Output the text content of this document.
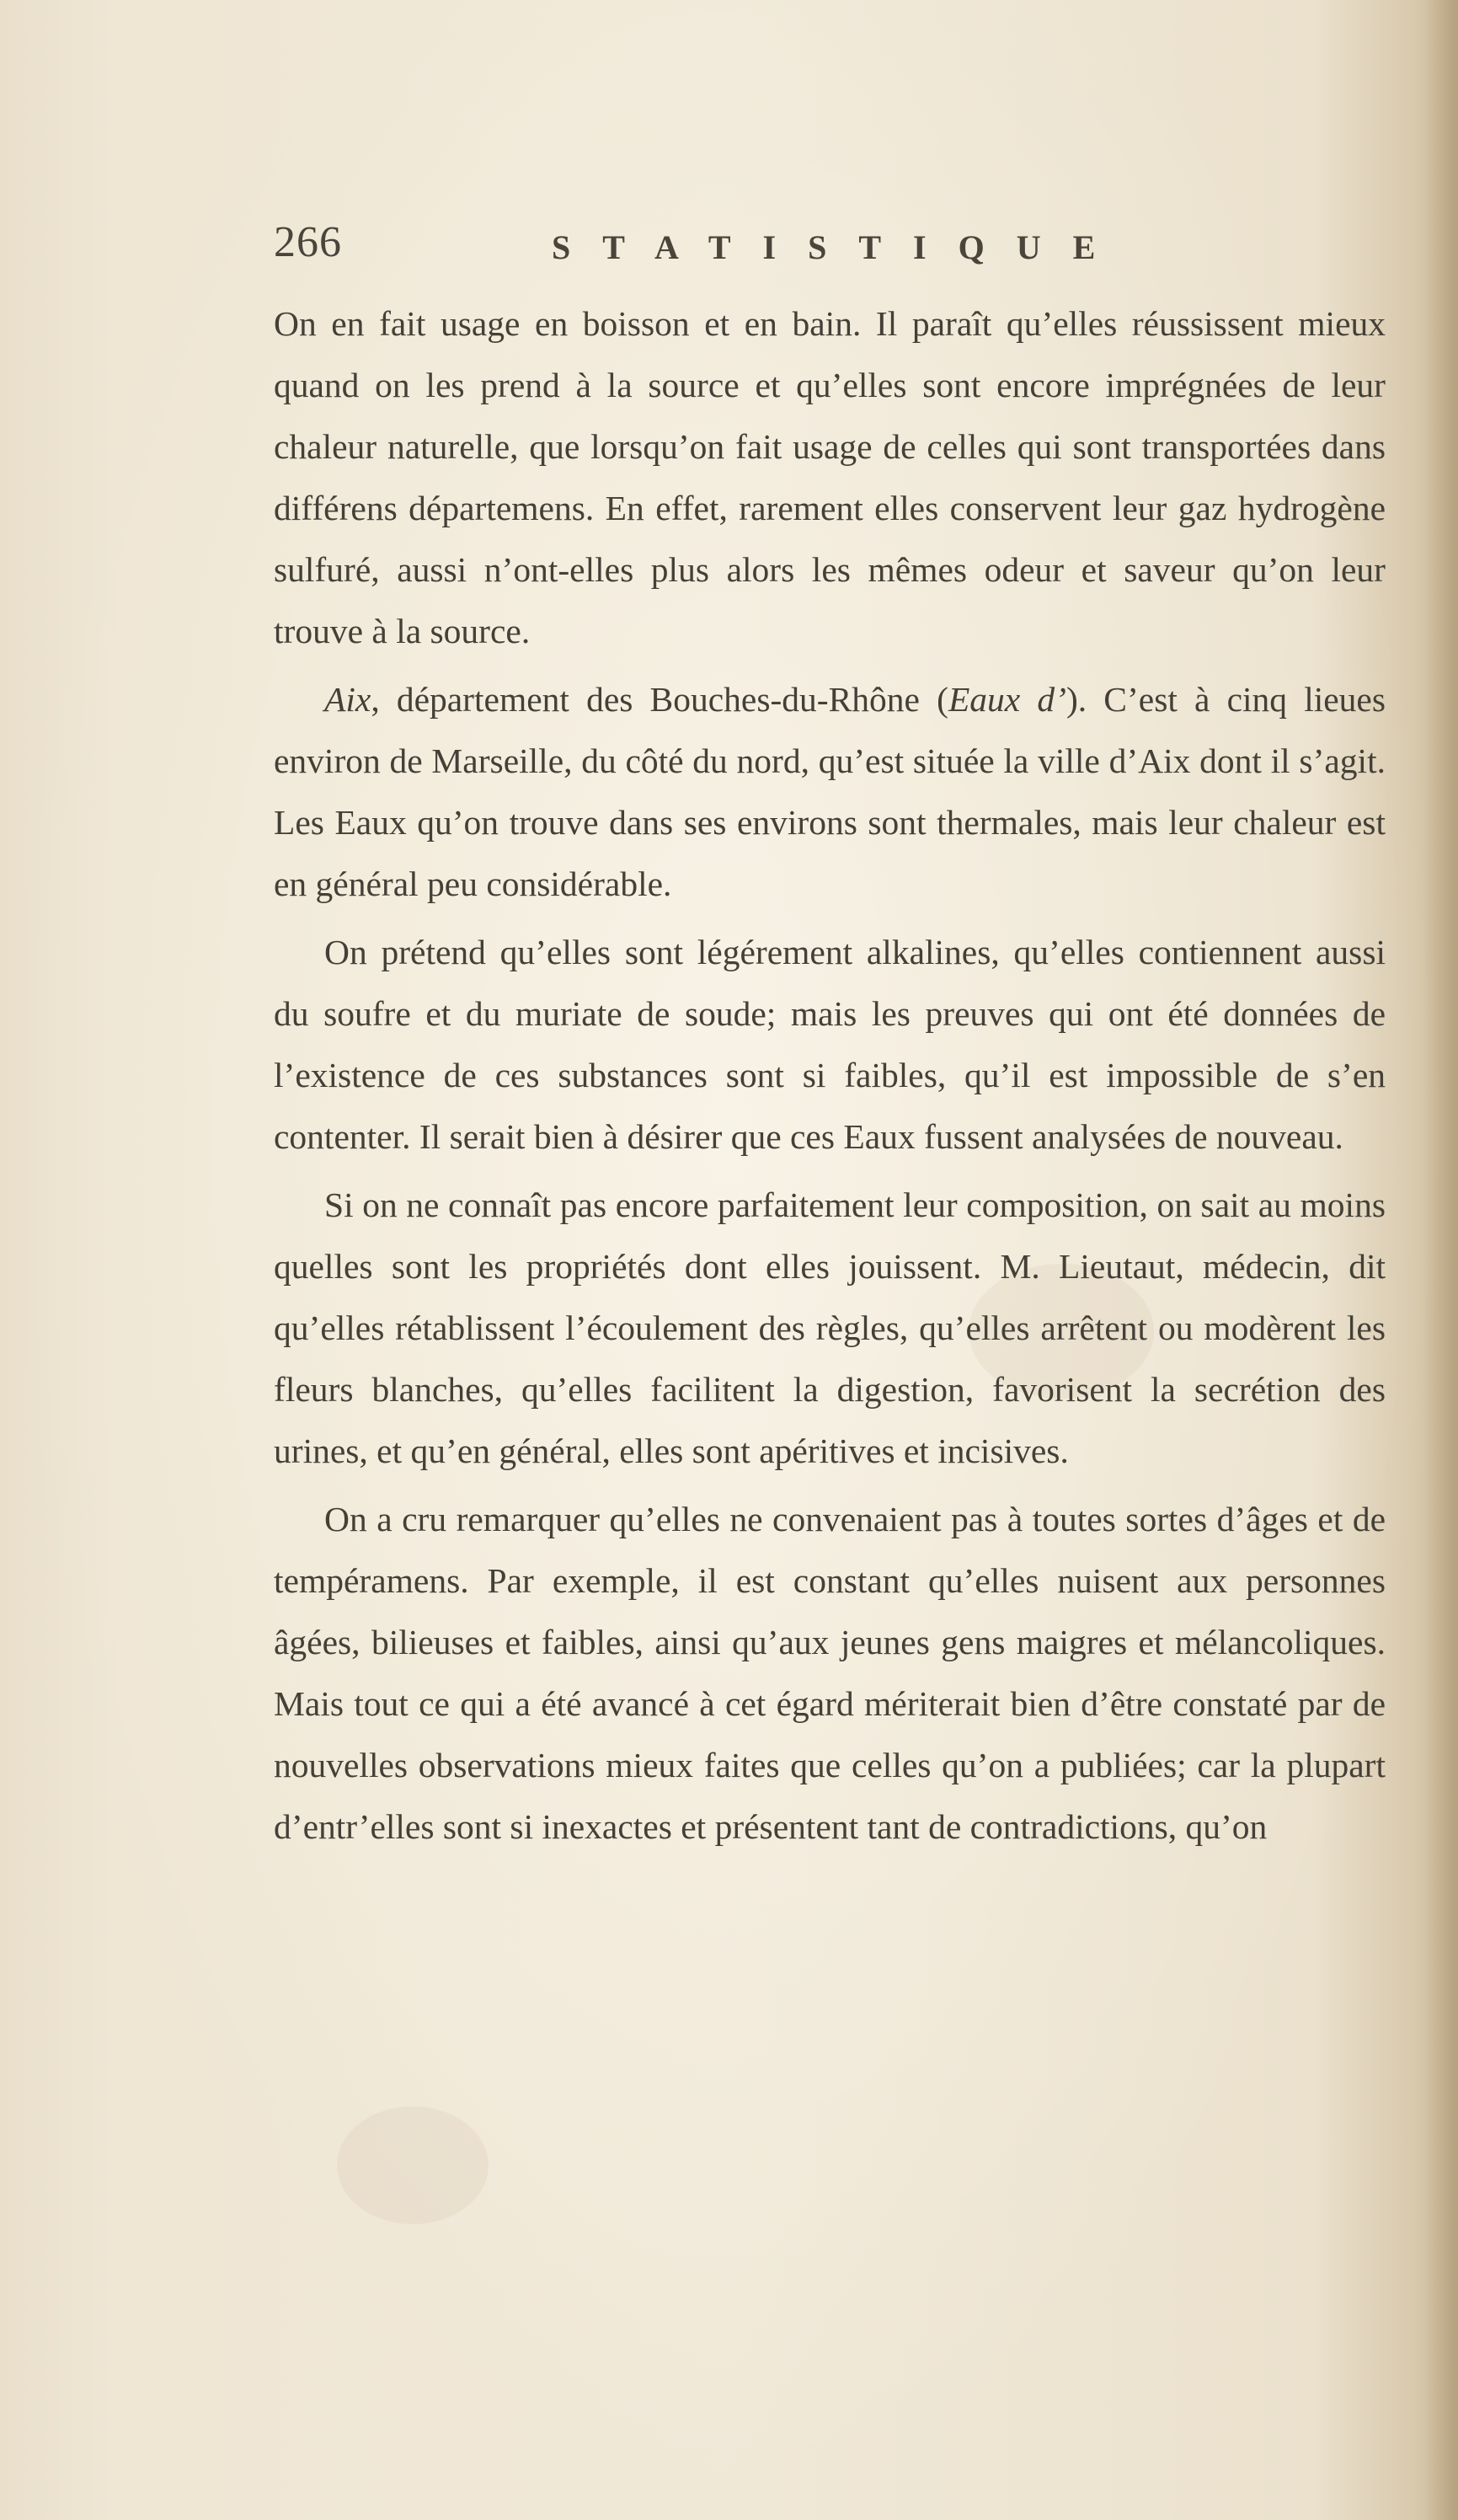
266	STATISTIQUE

On en fait usage en boisson et en bain. Il paraît qu’elles réussissent mieux quand on les prend à la source et qu’elles sont encore imprégnées de leur chaleur naturelle, que lorsqu’on fait usage de celles qui sont transportées dans différens départemens. En effet, rarement elles conservent leur gaz hydrogène sulfuré, aussi n’ont-elles plus alors les mêmes odeur et saveur qu’on leur trouve à la source.

Aix, département des Bouches-du-Rhône (Eaux d’). C’est à cinq lieues environ de Marseille, du côté du nord, qu’est située la ville d’Aix dont il s’agit. Les Eaux qu’on trouve dans ses environs sont thermales, mais leur chaleur est en général peu considérable.

On prétend qu’elles sont légérement alkalines, qu’elles contiennent aussi du soufre et du muriate de soude; mais les preuves qui ont été données de l’existence de ces substances sont si faibles, qu’il est impossible de s’en contenter. Il serait bien à désirer que ces Eaux fussent analysées de nouveau.

Si on ne connaît pas encore parfaitement leur composition, on sait au moins quelles sont les propriétés dont elles jouissent. M. Lieutaut, médecin, dit qu’elles rétablissent l’écoulement des règles, qu’elles arrêtent ou modèrent les fleurs blanches, qu’elles facilitent la digestion, favorisent la secrétion des urines, et qu’en général, elles sont apéritives et incisives.

On a cru remarquer qu’elles ne convenaient pas à toutes sortes d’âges et de tempéramens. Par exemple, il est constant qu’elles nuisent aux personnes âgées, bilieuses et faibles, ainsi qu’aux jeunes gens maigres et mélancoliques. Mais tout ce qui a été avancé à cet égard mériterait bien d’être constaté par de nouvelles observations mieux faites que celles qu’on a publiées; car la plupart d’entr’elles sont si inexactes et présentent tant de contradictions, qu’on
